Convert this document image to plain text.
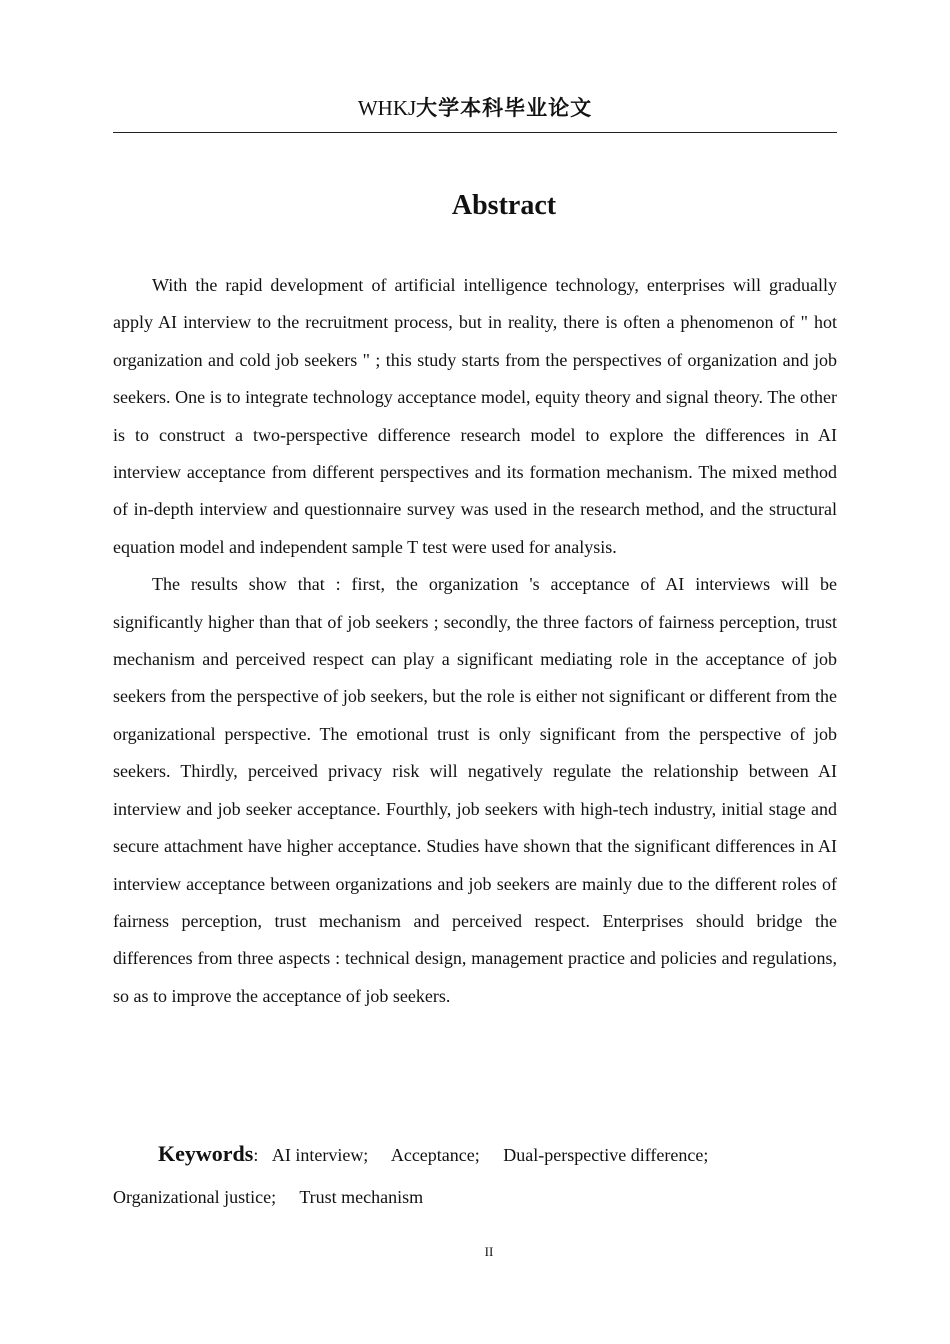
WHKJ大学本科毕业论文
Abstract

With the rapid development of artificial intelligence technology, enterprises will gradually apply AI interview to the recruitment process, but in reality, there is often a phenomenon of " hot organization and cold job seekers " ; this study starts from the perspectives of organization and job seekers. One is to integrate technology acceptance model, equity theory and signal theory. The other is to construct a two-perspective difference research model to explore the differences in AI interview acceptance from different perspectives and its formation mechanism. The mixed method of in-depth interview and questionnaire survey was used in the research method, and the structural equation model and independent sample T test were used for analysis.

The results show that : first, the organization 's acceptance of AI interviews will be significantly higher than that of job seekers ; secondly, the three factors of fairness perception, trust mechanism and perceived respect can play a significant mediating role in the acceptance of job seekers from the perspective of job seekers, but the role is either not significant or different from the organizational perspective. The emotional trust is only significant from the perspective of job seekers. Thirdly, perceived privacy risk will negatively regulate the relationship between AI interview and job seeker acceptance. Fourthly, job seekers with high-tech industry, initial stage and secure attachment have higher acceptance. Studies have shown that the significant differences in AI interview acceptance between organizations and job seekers are mainly due to the different roles of fairness perception, trust mechanism and perceived respect. Enterprises should bridge the differences from three aspects : technical design, management practice and policies and regulations, so as to improve the acceptance of job seekers.

Keywords: AI interview; Acceptance; Dual-perspective difference;
Organizational justice; Trust mechanism
II
